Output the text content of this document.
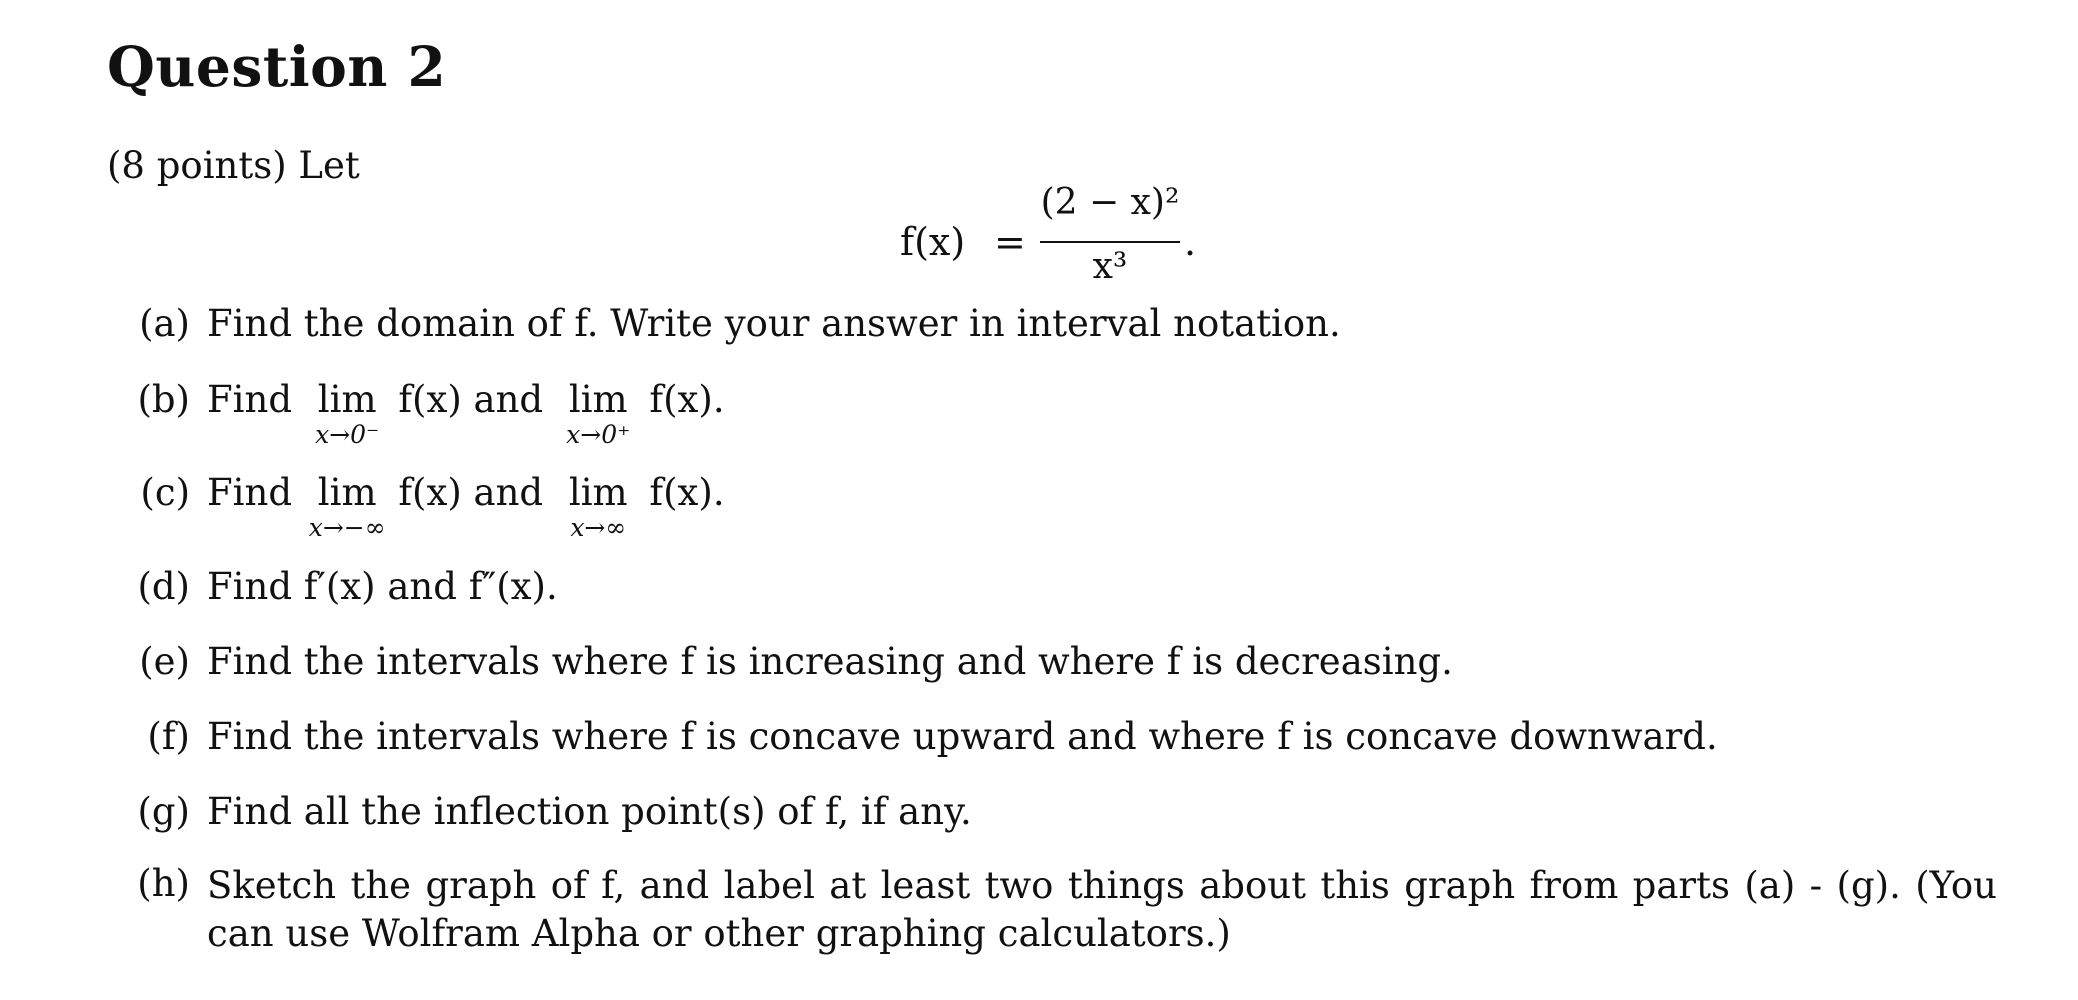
Question 2
(8 points) Let
f(x) =
(2 − x)²
x³
.
(a) Find the domain of f. Write your answer in interval notation.
(b) Find lim
x→0⁻
f(x) and lim
x→0⁺
f(x).
(c) Find lim
x→−∞
f(x) and lim
x→∞
f(x).
(d) Find f′(x) and f″(x).
(e) Find the intervals where f is increasing and where f is decreasing.
(f) Find the intervals where f is concave upward and where f is concave downward.
(g) Find all the inflection point(s) of f, if any.
(h) Sketch the graph of f, and label at least two things about this graph from parts (a) - (g). (You can use Wolfram Alpha or other graphing calculators.)
